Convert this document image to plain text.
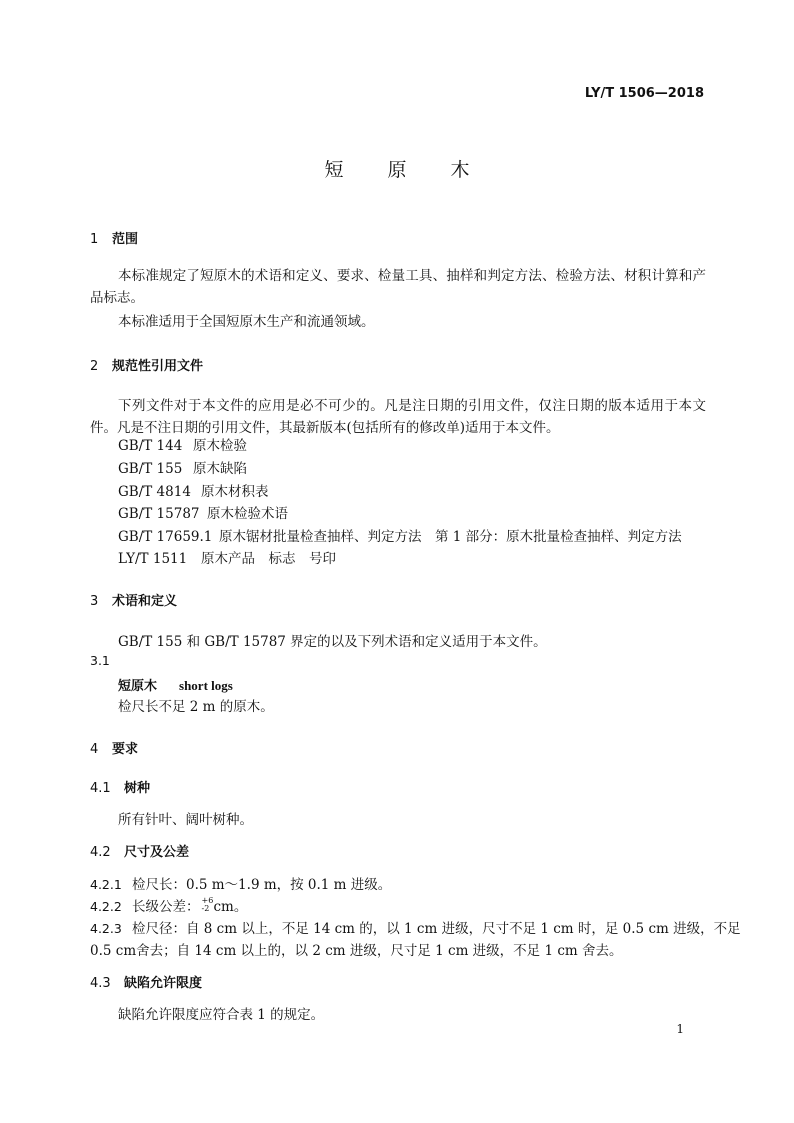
LY/T 1506—2018
短 原 木
1 范围
本标准规定了短原木的术语和定义、要求、检量工具、抽样和判定方法、检验方法、材积计算和产品标志。
本标准适用于全国短原木生产和流通领域。
2 规范性引用文件
下列文件对于本文件的应用是必不可少的。凡是注日期的引用文件，仅注日期的版本适用于本文件。凡是不注日期的引用文件，其最新版本(包括所有的修改单)适用于本文件。
GB/T 144 原木检验
GB/T 155 原木缺陷
GB/T 4814 原木材积表
GB/T 15787 原木检验术语
GB/T 17659.1 原木锯材批量检查抽样、判定方法　第 1 部分：原木批量检查抽样、判定方法
LY/T 1511 原木产品　标志　号印
3 术语和定义
GB/T 155 和 GB/T 15787 界定的以及下列术语和定义适用于本文件。
3.1
短原木 short logs
检尺长不足 2 m 的原木。
4 要求
4.1 树种
所有针叶、阔叶树种。
4.2 尺寸及公差
4.2.1 检尺长：0.5 m～1.9 m，按 0.1 m 进级。
4.2.2 长级公差： +6
-2 cm。
4.2.3 检尺径：自 8 cm 以上，不足 14 cm 的，以 1 cm 进级，尺寸不足 1 cm 时，足 0.5 cm 进级，不足
0.5 cm舍去；自 14 cm 以上的，以 2 cm 进级，尺寸足 1 cm 进级，不足 1 cm 舍去。
4.3 缺陷允许限度
缺陷允许限度应符合表 1 的规定。
1
